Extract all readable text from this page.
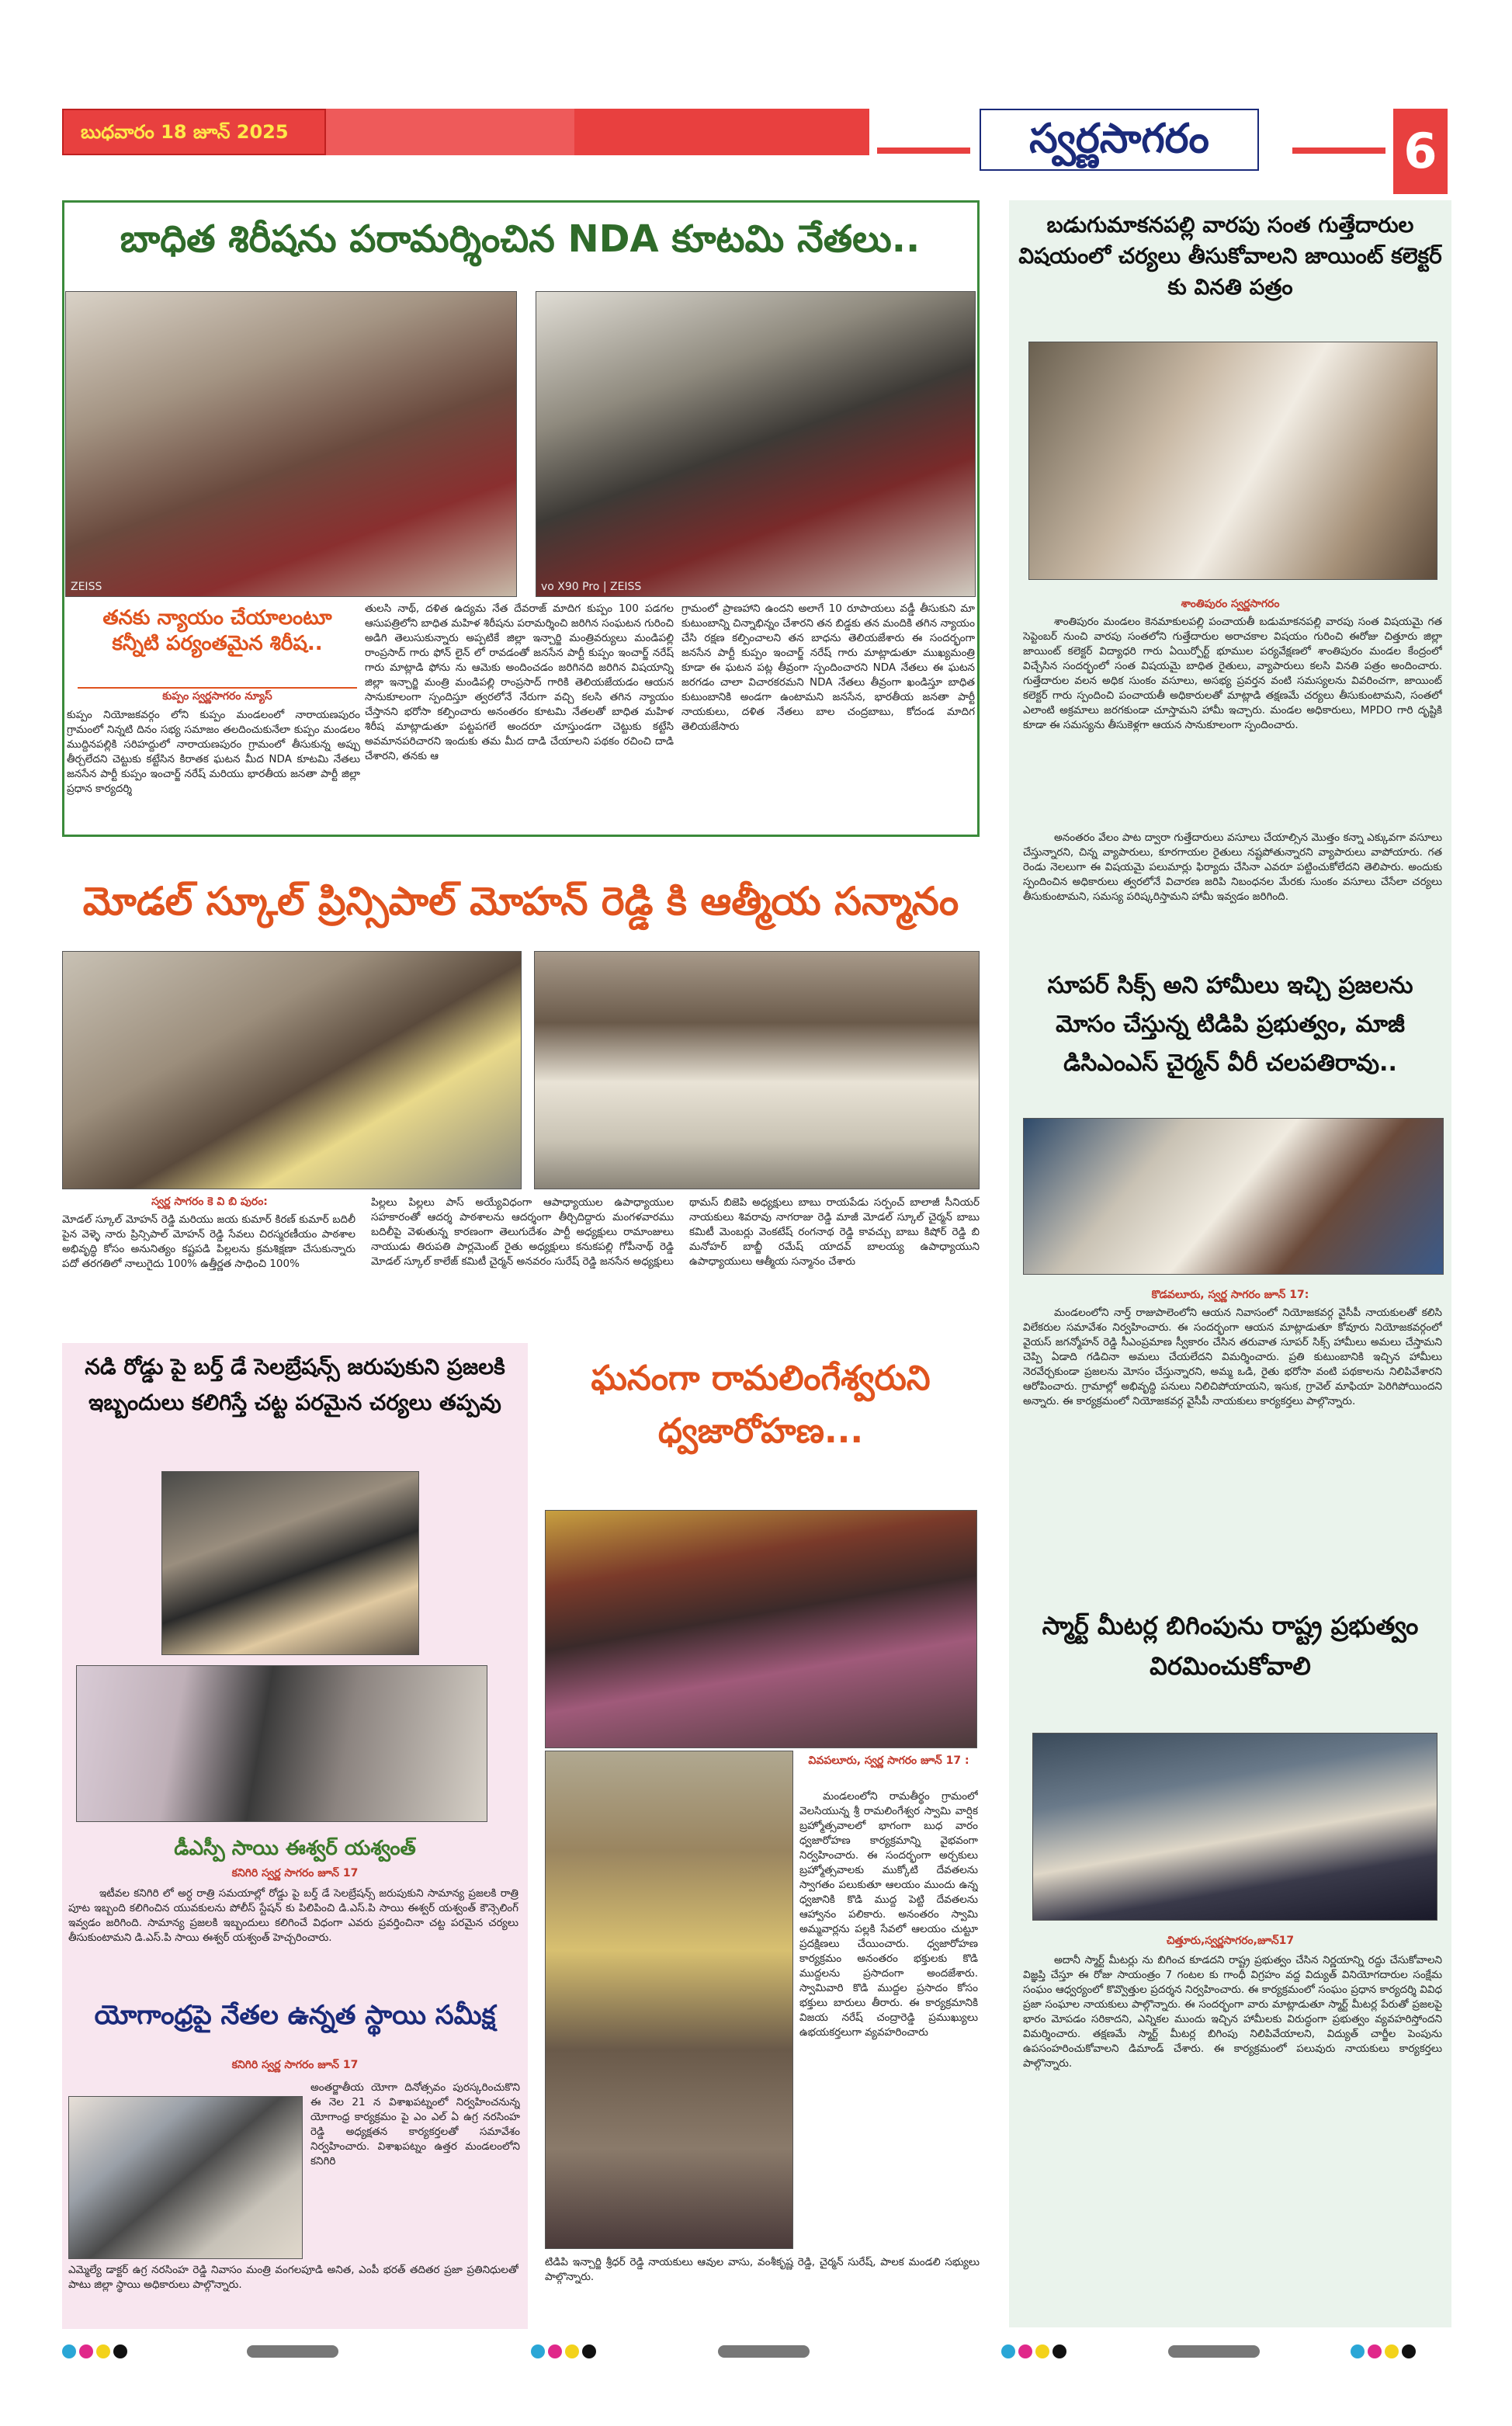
బుధవారం 18 జూన్ 2025	స్వర్ణసాగరం	6
బాధిత శిరీషను పరామర్శించిన NDA కూటమి నేతలు..
ZEISS	vo X90 Pro | ZEISS
తనకు న్యాయం చేయాలంటూ కన్నీటి పర్యంతమైన శిరీష..
కుప్పం స్వర్ణసాగరం న్యూస్
కుప్పం నియోజకవర్గం లోని కుప్పం మండలంలో నారాయణపురం గ్రామంలో నిన్నటి దినం సభ్య సమాజం తలదించుకునేలా కుప్పం మండలం ముద్దినపల్లికి సరిహద్దులో నారాయణపురం గ్రామంలో తీసుకున్న అప్పు తీర్చలేదని చెట్టుకు కట్టేసిన కిరాతక ఘటన మీద NDA కూటమి నేతలు జనసేన పార్టీ కుప్పం ఇంచార్జ్ నరేష్ మరియు భారతీయ జనతా పార్టీ జిల్లా ప్రధాన కార్యదర్శి
తులసి నాథ్, దళిత ఉద్యమ నేత దేవరాజ్ మాదిగ కుప్పం 100 పడగల ఆసుపత్రిలోని బాధిత మహిళ శిరీషను పరామర్శించి జరిగిన సంఘటన గురించి అడిగి తెలుసుకున్నారు అప్పటికే జిల్లా ఇన్చార్జి మంత్రివర్యులు మండిపల్లి రాంప్రసాద్ గారు ఫోన్ లైన్ లో రావడంతో జనసేన పార్టీ కుప్పం ఇంచార్జ్ నరేష్ గారు మాట్లాడి ఫోను ను ఆమెకు అందించడం జరిగినది జరిగిన విషయాన్ని జిల్లా ఇన్చార్జి మంత్రి మండిపల్లి రాంప్రసాద్ గారికి తెలియజేయడం ఆయన సానుకూలంగా స్పందిస్తూ త్వరలోనే నేరుగా వచ్చి కలసి తగిన న్యాయం చేస్తానని భరోసా కల్పించారు అనంతరం కూటమి నేతలతో బాధిత మహిళ శిరీష మాట్లాడుతూ పట్టపగలే అందరూ చూస్తుండగా చెట్టుకు కట్టేసి అవమానపరిచారని ఇందుకు తమ మీద దాడి చేయాలని పథకం రచించి దాడి చేశారని, తనకు ఆ
గ్రామంలో ప్రాణహాని ఉందని అలాగే 10 రూపాయలు వడ్డీ తీసుకుని మా కుటుంబాన్ని చిన్నాభిన్నం చేశారని తన బిడ్డకు తన మందికి తగిన న్యాయం చేసి రక్షణ కల్పించాలని తన బాధను తెలియజేశారు ఈ సందర్భంగా జనసేన పార్టీ కుప్పం ఇంచార్జ్ నరేష్ గారు మాట్లాడుతూ ముఖ్యమంత్రి కూడా ఈ ఘటన పట్ల తీవ్రంగా స్పందించారని NDA నేతలు ఈ ఘటన జరగడం చాలా విచారకరమని NDA నేతలు తీవ్రంగా ఖండిస్తూ బాధిత కుటుంబానికి అండగా ఉంటామని జనసేన, భారతీయ జనతా పార్టీ నాయకులు, దళిత నేతలు బాల చంద్రబాబు, కోదండ మాదిగ తెలియజేసారు
బడుగుమాకనపల్లి వారపు సంత గుత్తేదారుల విషయంలో చర్యలు తీసుకోవాలని జాయింట్ కలెక్టర్ కు వినతి పత్రం
శాంతిపురం స్వర్ణసాగరం
శాంతిపురం మండలం కెనమాకులపల్లి పంచాయతీ బడుమాకనపల్లి వారపు సంత విషయమై గత సెప్టెంబర్ నుంచి వారపు సంతలోని గుత్తేదారుల అరాచకాల విషయం గురించి ఈరోజు చిత్తూరు జిల్లా జాయింట్ కలెక్టర్ విద్యాధరి గారు ఏయిర్పోర్ట్ భూముల పర్యవేక్షణలో శాంతిపురం మండల కేంద్రంలో విచ్చేసిన సందర్భంలో సంత విషయమై బాధిత రైతులు, వ్యాపారులు కలసి వినతి పత్రం అందించారు. గుత్తేదారుల వలన అధిక సుంకం వసూలు, అసభ్య ప్రవర్తన వంటి సమస్యలను వివరించగా, జాయింట్ కలెక్టర్ గారు స్పందించి పంచాయతీ అధికారులతో మాట్లాడి తక్షణమే చర్యలు తీసుకుంటామని, సంతలో ఎలాంటి అక్రమాలు జరగకుండా చూస్తామని హామీ ఇచ్చారు. మండల అధికారులు, MPDO గారి దృష్టికి కూడా ఈ సమస్యను తీసుకెళ్లగా ఆయన సానుకూలంగా స్పందించారు.
అనంతరం వేలం పాట ద్వారా గుత్తేదారులు వసూలు చేయాల్సిన మొత్తం కన్నా ఎక్కువగా వసూలు చేస్తున్నారని, చిన్న వ్యాపారులు, కూరగాయల రైతులు నష్టపోతున్నారని వ్యాపారులు వాపోయారు. గత రెండు నెలలుగా ఈ విషయమై పలుమార్లు ఫిర్యాదు చేసినా ఎవరూ పట్టించుకోలేదని తెలిపారు. అందుకు స్పందించిన అధికారులు త్వరలోనే విచారణ జరిపి నిబంధనల మేరకు సుంకం వసూలు చేసేలా చర్యలు తీసుకుంటామని, సమస్య పరిష్కరిస్తామని హామీ ఇవ్వడం జరిగింది.
మోడల్ స్కూల్ ప్రిన్సిపాల్ మోహన్ రెడ్డి కి ఆత్మీయ సన్మానం
స్వర్ణ సాగరం కె వి బి పురం:
మోడల్ స్కూల్ మోహన్ రెడ్డి మరియు జయ కుమార్ కిరణ్ కుమార్ బదిలీ పైన వెళ్ళె నారు ప్రిన్సిపాల్ మోహన్ రెడ్డి సేవలు చిరస్మరణీయం పాఠశాల అభివృద్ధి కోసం అనునిత్యం కష్టపడి పిల్లలను క్రమశిక్షణా చేసుకున్నారు పదో తరగతిలో నాలుగైదు 100% ఉత్తీర్ణత సాధించి 100%
పిల్లలు పిల్లలు పాస్ అయ్యేవిధంగా ఆపాధ్యాయుల ఉపాధ్యాయుల సహకారంతో ఆదర్శ పాఠశాలను ఆదర్శంగా తీర్చిదిద్దారు మంగళవారము బదిలీపై వెళుతున్న కారణంగా తెలుగుదేశం పార్టీ అధ్యక్షులు రామాంజులు నాయుడు తిరుపతి పార్లమెంట్ రైతు అధ్యక్షులు కనుకపల్లి గోపీనాథ్ రెడ్డి మోడల్ స్కూల్ కాలేజ్ కమిటీ చైర్మన్ అనవరం సురేష్ రెడ్డి జనసేన అధ్యక్షులు
థామస్ బిజెపి అధ్యక్షులు బాబు రాయపేడు సర్పంచ్ బాలాజీ సీనియర్ నాయకులు శివరావు నాగరాజు రెడ్డి మాజీ మోడల్ స్కూల్ చైర్మన్ బాబు కమిటీ మెంబర్లు వెంకటేష్ రంగనాథ రెడ్డి కావచ్చు బాబు కిషోర్ రెడ్డి బి మనోహర్ బాబ్జీ రమేష్ యాదవ్ బాలయ్య ఉపాధ్యాయుని ఉపాధ్యాయులు ఆత్మీయ సన్మానం చేశారు
సూపర్ సిక్స్ అని హామీలు ఇచ్చి ప్రజలను మోసం చేస్తున్న టిడిపి ప్రభుత్వం, మాజీ డిసిఎంఎస్ చైర్మన్ వీరీ చలపతిరావు..
కొడవలూరు, స్వర్ణ సాగరం జూన్ 17:
మండలంలోని నార్త్ రాజుపాలెంలోని ఆయన నివాసంలో నియోజకవర్గ వైసీపీ నాయకులతో కలిసి విలేకరుల సమావేశం నిర్వహించారు. ఈ సందర్భంగా ఆయన మాట్లాడుతూ కోవూరు నియోజకవర్గంలో వైయస్ జగన్మోహన్ రెడ్డి సీఎంప్రమాణ స్వీకారం చేసిన తరువాత సూపర్ సిక్స్ హామీలు అమలు చేస్తామని చెప్పి ఏడాది గడిచినా అమలు చేయలేదని విమర్శించారు. ప్రతి కుటుంబానికి ఇచ్చిన హామీలు నెరవేర్చకుండా ప్రజలను మోసం చేస్తున్నారని, అమ్మ ఒడి, రైతు భరోసా వంటి పథకాలను నిలిపివేశారని ఆరోపించారు. గ్రామాల్లో అభివృద్ధి పనులు నిలిచిపోయాయని, ఇసుక, గ్రావెల్ మాఫియా పెరిగిపోయిందని అన్నారు. ఈ కార్యక్రమంలో నియోజకవర్గ వైసీపీ నాయకులు కార్యకర్తలు పాల్గొన్నారు.
నడి రోడ్డు పై బర్త్ డే సెలబ్రేషన్స్ జరుపుకుని ప్రజలకి ఇబ్బందులు కలిగిస్తే చట్ట పరమైన చర్యలు తప్పవు
డీఎస్పీ సాయి ఈశ్వర్ యశ్వంత్
కనిగిరి స్వర్ణ సాగరం జూన్ 17
ఇటీవల కనిగిరి లో అర్ధ రాత్రి సమయాల్లో రోడ్డు పై బర్త్ డే సెలబ్రేషన్స్ జరుపుకుని సామాన్య ప్రజలకి రాత్రి పూట ఇబ్బంది కలిగించిన యువకులను పోలీస్ స్టేషన్ కు పిలిపించి డి.ఎస్.పి సాయి ఈశ్వర్ యశ్వంత్ కౌన్సెలింగ్ ఇవ్వడం జరిగింది. సామాన్య ప్రజలకి ఇబ్బందులు కలిగించే విధంగా ఎవరు ప్రవర్తించినా చట్ట పరమైన చర్యలు తీసుకుంటామని డి.ఎస్.పి సాయి ఈశ్వర్ యశ్వంత్ హెచ్చరించారు.
యోగాంధ్రపై నేతల ఉన్నత స్థాయి సమీక్ష
కనిగిరి స్వర్ణ సాగరం జూన్ 17
అంతర్జాతీయ యోగా దినోత్సవం పురస్కరించుకొని ఈ నెల 21 న విశాఖపట్నంలో నిర్వహించనున్న యోగాంధ్ర కార్యక్రమం పై ఎం ఎల్ ఏ ఉగ్ర నరసింహ రెడ్డి అధ్యక్షతన కార్యకర్తలతో సమావేశం నిర్వహించారు. విశాఖపట్నం ఉత్తర మండలంలోని కనిగిరి
ఎమ్మెల్యే డాక్టర్ ఉగ్ర నరసింహ రెడ్డి నివాసం మంత్రి వంగలపూడి అనిత, ఎంపీ భరత్ తదితర ప్రజా ప్రతినిధులతో పాటు జిల్లా స్థాయి అధికారులు పాల్గొన్నారు.
ఘనంగా రామలింగేశ్వరుని ధ్వజారోహణ...
వివపలూరు, స్వర్ణ సాగరం జూన్ 17 :
మండలంలోని రామతీర్థం గ్రామంలో వెలసియున్న శ్రీ రామలింగేశ్వర స్వామి వార్షిక బ్రహ్మోత్సవాలలో భాగంగా బుధ వారం ధ్వజారోహణ కార్యక్రమాన్ని వైభవంగా నిర్వహించారు. ఈ సందర్భంగా అర్చకులు బ్రహ్మోత్సవాలకు ముక్కోటి దేవతలను స్వాగతం పలుకుతూ ఆలయం ముందు ఉన్న ధ్వజానికి కొడి ముద్ద పెట్టి దేవతలను ఆహ్వానం పలికారు. అనంతరం స్వామి అమ్మవార్లను పల్లకి సేవలో ఆలయం చుట్టూ ప్రదక్షిణలు చేయించారు. ధ్వజారోహణ కార్యక్రమం అనంతరం భక్తులకు కొడి ముద్దలను ప్రసాదంగా అందజేశారు. స్వామివారి కొడి ముద్దల ప్రసాదం కోసం భక్తులు బారులు తీరారు. ఈ కార్యక్రమానికి విజయ నరేష్ చంద్రారెడ్డి ప్రముఖ్యులు ఉభయకర్తలుగా వ్యవహరించారు
టిడిపి ఇన్చార్జి శ్రీధర్ రెడ్డి నాయకులు ఆవుల వాసు, వంశీకృష్ణ రెడ్డి, చైర్మన్ సురేష్, పాలక మండలి సభ్యులు పాల్గొన్నారు.
స్మార్ట్ మీటర్ల బిగింపును రాష్ట్ర ప్రభుత్వం విరమించుకోవాలి
చిత్తూరు,స్వర్ణసాగరం,జూన్17
అదానీ స్మార్ట్ మీటర్లు ను బిగించ కూడదని రాష్ట్ర ప్రభుత్వం చేసిన నిర్ణయాన్ని రద్దు చేసుకోవాలని విజ్ఞప్తి చేస్తూ ఈ రోజు సాయంత్రం 7 గంటల కు గాంధీ విగ్రహం వద్ద విద్యుత్ వినియోగదారుల సంక్షేమ సంఘం ఆధ్వర్యంలో కొవ్వొత్తుల ప్రదర్శన నిర్వహించారు. ఈ కార్యక్రమంలో సంఘం ప్రధాన కార్యదర్శి వివిధ ప్రజా సంఘాల నాయకులు పాల్గొన్నారు. ఈ సందర్భంగా వారు మాట్లాడుతూ స్మార్ట్ మీటర్ల పేరుతో ప్రజలపై భారం మోపడం సరికాదని, ఎన్నికల ముందు ఇచ్చిన హామీలకు విరుద్ధంగా ప్రభుత్వం వ్యవహరిస్తోందని విమర్శించారు. తక్షణమే స్మార్ట్ మీటర్ల బిగింపు నిలిపివేయాలని, విద్యుత్ చార్జీల పెంపును ఉపసంహరించుకోవాలని డిమాండ్ చేశారు. ఈ కార్యక్రమంలో పలువురు నాయకులు కార్యకర్తలు పాల్గొన్నారు.
